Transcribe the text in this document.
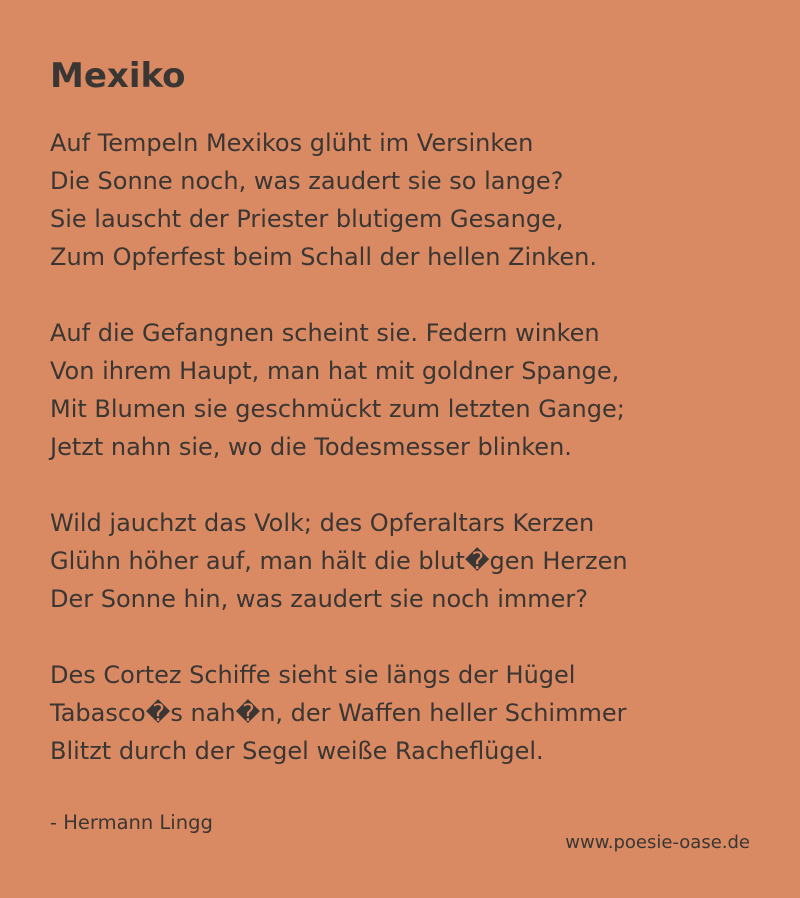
Mexiko
Auf Tempeln Mexikos glüht im Versinken
Die Sonne noch, was zaudert sie so lange?
Sie lauscht der Priester blutigem Gesange,
Zum Opferfest beim Schall der hellen Zinken.
Auf die Gefangnen scheint sie. Federn winken
Von ihrem Haupt, man hat mit goldner Spange,
Mit Blumen sie geschmückt zum letzten Gange;
Jetzt nahn sie, wo die Todesmesser blinken.
Wild jauchzt das Volk; des Opferaltars Kerzen
Glühn höher auf, man hält die blut�gen Herzen
Der Sonne hin, was zaudert sie noch immer?
Des Cortez Schiffe sieht sie längs der Hügel
Tabasco�s nah�n, der Waffen heller Schimmer
Blitzt durch der Segel weiße Racheflügel.
- Hermann Lingg
www.poesie-oase.de
